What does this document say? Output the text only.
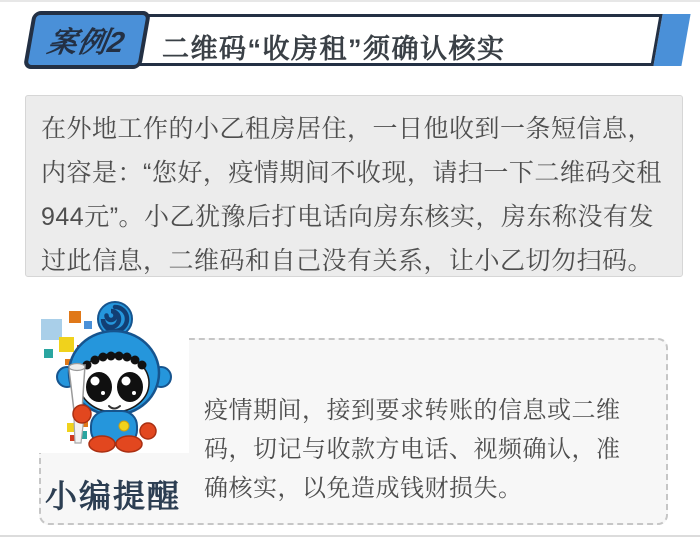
二维码“收房租”须确认核实
案例2
在外地工作的小乙租房居住，一日他收到一条短信息，
内容是：“您好，疫情期间不收现，请扫一下二维码交租
944元”。小乙犹豫后打电话向房东核实，房东称没有发
过此信息，二维码和自己没有关系，让小乙切勿扫码。
小编提醒
疫情期间，接到要求转账的信息或二维
码，切记与收款方电话、视频确认，准
确核实，以免造成钱财损失。
